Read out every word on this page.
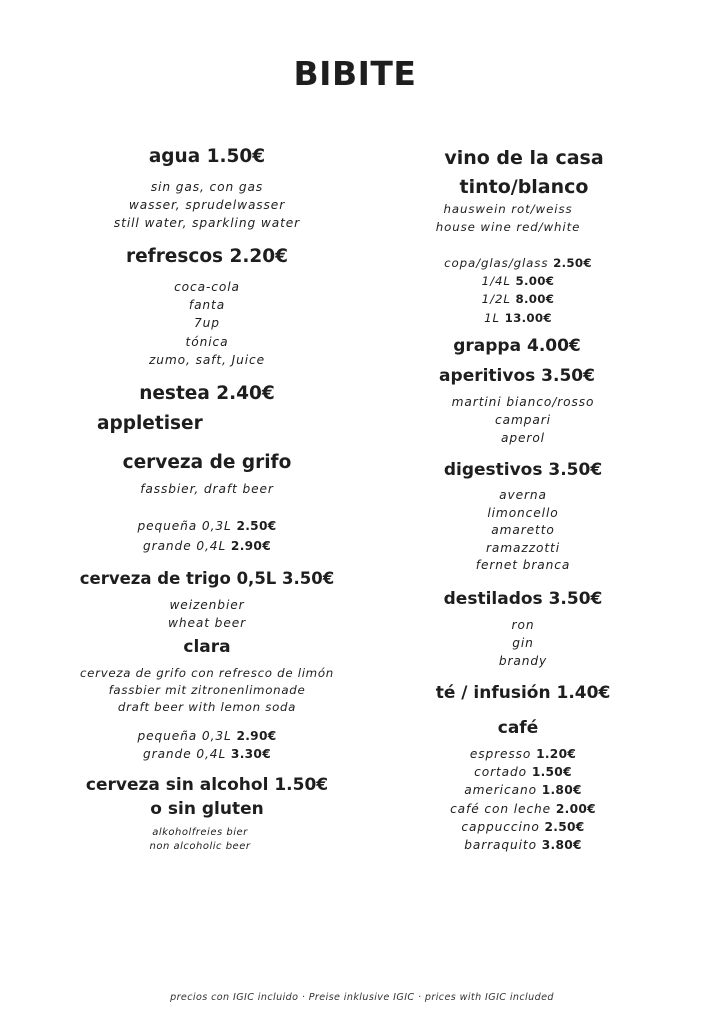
BIBITE
agua 1.50€
sin gas, con gas
wasser, sprudelwasser
still water, sparkling water
refrescos 2.20€
coca-cola
fanta
7up
tónica
zumo, saft, Juice
nestea 2.40€
appletiser
cerveza de grifo
fassbier, draft beer
pequeña 0,3L 2.50€
grande 0,4L 2.90€
cerveza de trigo 0,5L 3.50€
weizenbier
wheat beer
clara
cerveza de grifo con refresco de limón
fassbier mit zitronenlimonade
draft beer with lemon soda
pequeña 0,3L 2.90€
grande 0,4L 3.30€
cerveza sin alcohol 1.50€
o sin gluten
alkoholfreies bier
non alcoholic beer
vino de la casa
tinto/blanco
hauswein rot/weiss
house wine red/white
copa/glas/glass 2.50€
1/4L 5.00€
1/2L 8.00€
1L 13.00€
grappa 4.00€
aperitivos 3.50€
martini bianco/rosso
campari
aperol
digestivos 3.50€
averna
limoncello
amaretto
ramazzotti
fernet branca
destilados 3.50€
ron
gin
brandy
té / infusión 1.40€
café
espresso 1.20€
cortado 1.50€
americano 1.80€
café con leche 2.00€
cappuccino 2.50€
barraquito 3.80€
precios con IGIC incluido · Preise inklusive IGIC · prices with IGIC included
